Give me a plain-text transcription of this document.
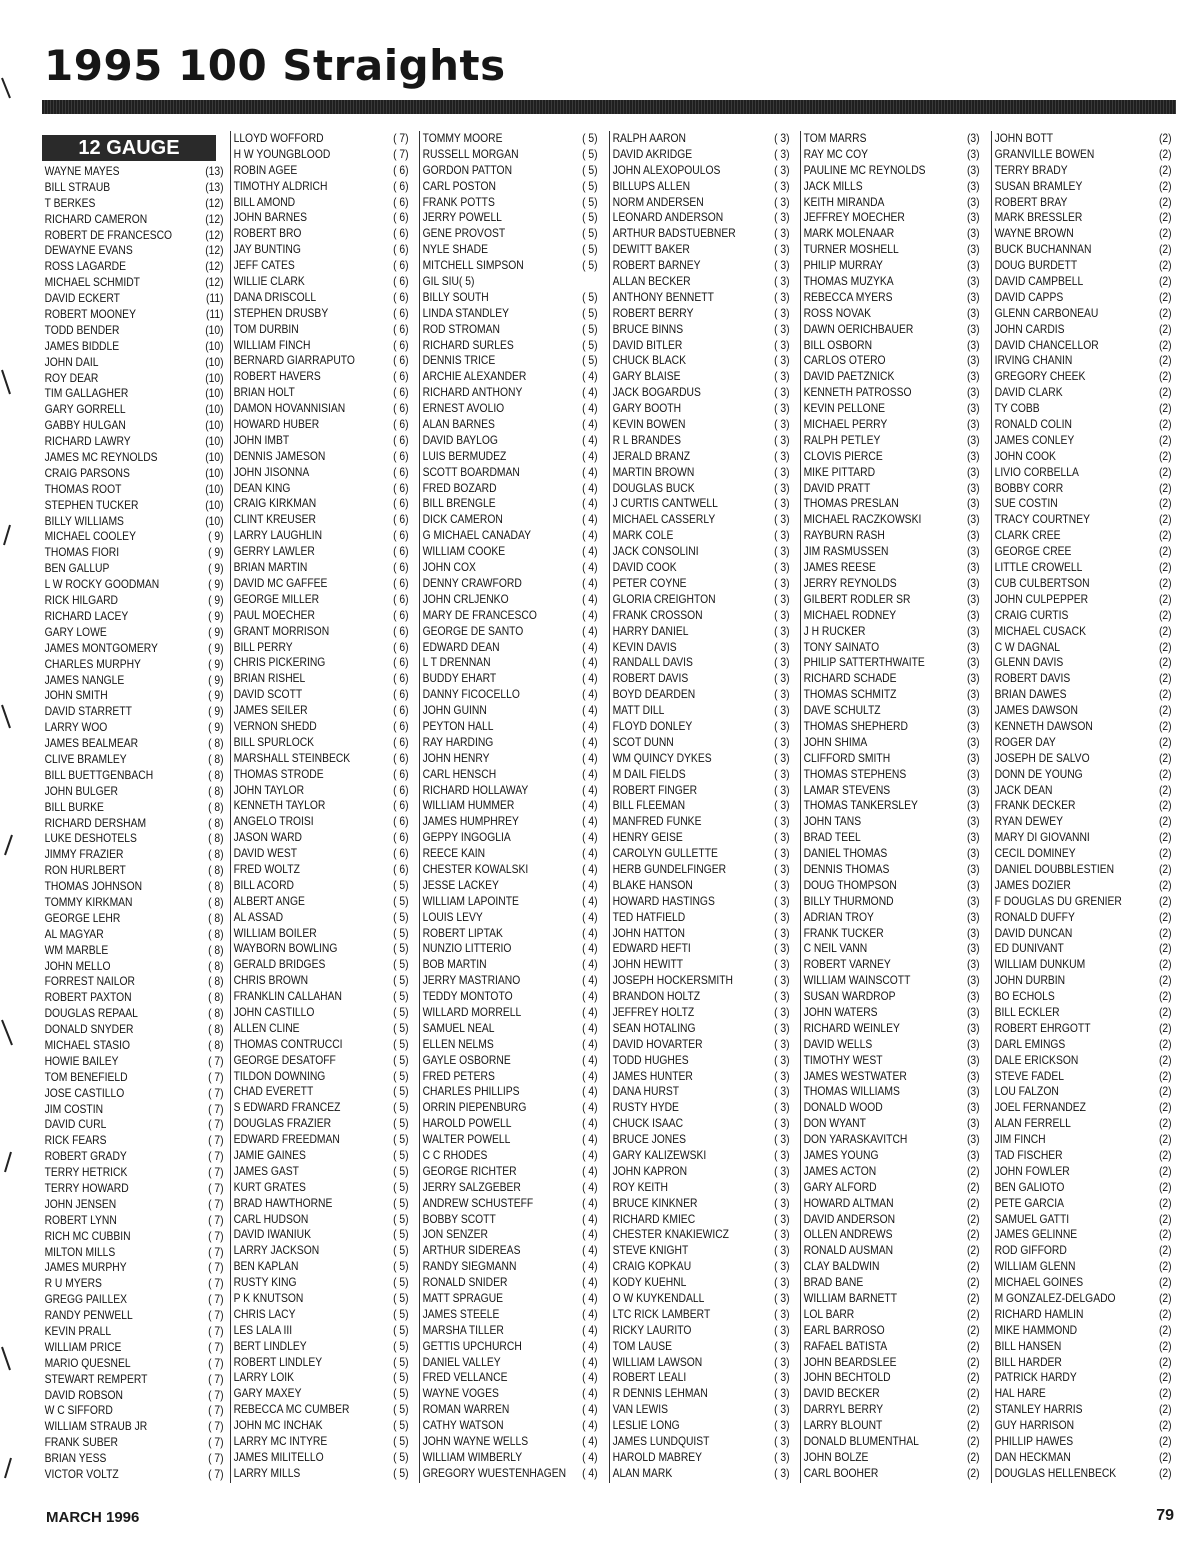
1995 100 Straights
12 GAUGE
WAYNE MAYES	(13)
BILL STRAUB	(13)
T BERKES	(12)
RICHARD CAMERON	(12)
ROBERT DE FRANCESCO	(12)
DEWAYNE EVANS	(12)
ROSS LAGARDE	(12)
MICHAEL SCHMIDT	(12)
DAVID ECKERT	(11)
ROBERT MOONEY	(11)
TODD BENDER	(10)
JAMES BIDDLE	(10)
JOHN DAIL	(10)
ROY DEAR	(10)
TIM GALLAGHER	(10)
GARY GORRELL	(10)
GABBY HULGAN	(10)
RICHARD LAWRY	(10)
JAMES MC REYNOLDS	(10)
CRAIG PARSONS	(10)
THOMAS ROOT	(10)
STEPHEN TUCKER	(10)
BILLY WILLIAMS	(10)
MICHAEL COOLEY	( 9)
THOMAS FIORI	( 9)
BEN GALLUP	( 9)
L W ROCKY GOODMAN	( 9)
RICK HILGARD	( 9)
RICHARD LACEY	( 9)
GARY LOWE	( 9)
JAMES MONTGOMERY	( 9)
CHARLES MURPHY	( 9)
JAMES NANGLE	( 9)
JOHN SMITH	( 9)
DAVID STARRETT	( 9)
LARRY WOO	( 9)
JAMES BEALMEAR	( 8)
CLIVE BRAMLEY	( 8)
BILL BUETTGENBACH	( 8)
JOHN BULGER	( 8)
BILL BURKE	( 8)
RICHARD DERSHAM	( 8)
LUKE DESHOTELS	( 8)
JIMMY FRAZIER	( 8)
RON HURLBERT	( 8)
THOMAS JOHNSON	( 8)
TOMMY KIRKMAN	( 8)
GEORGE LEHR	( 8)
AL MAGYAR	( 8)
WM MARBLE	( 8)
JOHN MELLO	( 8)
FORREST NAILOR	( 8)
ROBERT PAXTON	( 8)
DOUGLAS REPAAL	( 8)
DONALD SNYDER	( 8)
MICHAEL STASIO	( 8)
HOWIE BAILEY	( 7)
TOM BENEFIELD	( 7)
JOSE CASTILLO	( 7)
JIM COSTIN	( 7)
DAVID CURL	( 7)
RICK FEARS	( 7)
ROBERT GRADY	( 7)
TERRY HETRICK	( 7)
TERRY HOWARD	( 7)
JOHN JENSEN	( 7)
ROBERT LYNN	( 7)
RICH MC CUBBIN	( 7)
MILTON MILLS	( 7)
JAMES MURPHY	( 7)
R U MYERS	( 7)
GREGG PAILLEX	( 7)
RANDY PENWELL	( 7)
KEVIN PRALL	( 7)
WILLIAM PRICE	( 7)
MARIO QUESNEL	( 7)
STEWART REMPERT	( 7)
DAVID ROBSON	( 7)
W C SIFFORD	( 7)
WILLIAM STRAUB JR	( 7)
FRANK SUBER	( 7)
BRIAN YESS	( 7)
VICTOR VOLTZ	( 7)
LLOYD WOFFORD	( 7)
H W YOUNGBLOOD	( 7)
ROBIN AGEE	( 6)
TIMOTHY ALDRICH	( 6)
BILL AMOND	( 6)
JOHN BARNES	( 6)
ROBERT BRO	( 6)
JAY BUNTING	( 6)
JEFF CATES	( 6)
WILLIE CLARK	( 6)
DANA DRISCOLL	( 6)
STEPHEN DRUSBY	( 6)
TOM DURBIN	( 6)
WILLIAM FINCH	( 6)
BERNARD GIARRAPUTO	( 6)
ROBERT HAVERS	( 6)
BRIAN HOLT	( 6)
DAMON HOVANNISIAN	( 6)
HOWARD HUBER	( 6)
JOHN IMBT	( 6)
DENNIS JAMESON	( 6)
JOHN JISONNA	( 6)
DEAN KING	( 6)
CRAIG KIRKMAN	( 6)
CLINT KREUSER	( 6)
LARRY LAUGHLIN	( 6)
GERRY LAWLER	( 6)
BRIAN MARTIN	( 6)
DAVID MC GAFFEE	( 6)
GEORGE MILLER	( 6)
PAUL MOECHER	( 6)
GRANT MORRISON	( 6)
BILL PERRY	( 6)
CHRIS PICKERING	( 6)
BRIAN RISHEL	( 6)
DAVID SCOTT	( 6)
JAMES SEILER	( 6)
VERNON SHEDD	( 6)
BILL SPURLOCK	( 6)
MARSHALL STEINBECK	( 6)
THOMAS STRODE	( 6)
JOHN TAYLOR	( 6)
KENNETH TAYLOR	( 6)
ANGELO TROISI	( 6)
JASON WARD	( 6)
DAVID WEST	( 6)
FRED WOLTZ	( 6)
BILL ACORD	( 5)
ALBERT ANGE	( 5)
AL ASSAD	( 5)
WILLIAM BOILER	( 5)
WAYBORN BOWLING	( 5)
GERALD BRIDGES	( 5)
CHRIS BROWN	( 5)
FRANKLIN CALLAHAN	( 5)
JOHN CASTILLO	( 5)
ALLEN CLINE	( 5)
THOMAS CONTRUCCI	( 5)
GEORGE DESATOFF	( 5)
TILDON DOWNING	( 5)
CHAD EVERETT	( 5)
S EDWARD FRANCEZ	( 5)
DOUGLAS FRAZIER	( 5)
EDWARD FREEDMAN	( 5)
JAMIE GAINES	( 5)
JAMES GAST	( 5)
KURT GRATES	( 5)
BRAD HAWTHORNE	( 5)
CARL HUDSON	( 5)
DAVID IWANIUK	( 5)
LARRY JACKSON	( 5)
BEN KAPLAN	( 5)
RUSTY KING	( 5)
P K KNUTSON	( 5)
CHRIS LACY	( 5)
LES LALA III	( 5)
BERT LINDLEY	( 5)
ROBERT LINDLEY	( 5)
LARRY LOIK	( 5)
GARY MAXEY	( 5)
REBECCA MC CUMBER	( 5)
JOHN MC INCHAK	( 5)
LARRY MC INTYRE	( 5)
JAMES MILITELLO	( 5)
LARRY MILLS	( 5)
TOMMY MOORE	( 5)
RUSSELL MORGAN	( 5)
GORDON PATTON	( 5)
CARL POSTON	( 5)
FRANK POTTS	( 5)
JERRY POWELL	( 5)
GENE PROVOST	( 5)
NYLE SHADE	( 5)
MITCHELL SIMPSON	( 5)
GIL SIU( 5)
BILLY SOUTH	( 5)
LINDA STANDLEY	( 5)
ROD STROMAN	( 5)
RICHARD SURLES	( 5)
DENNIS TRICE	( 5)
ARCHIE ALEXANDER	( 4)
RICHARD ANTHONY	( 4)
ERNEST AVOLIO	( 4)
ALAN BARNES	( 4)
DAVID BAYLOG	( 4)
LUIS BERMUDEZ	( 4)
SCOTT BOARDMAN	( 4)
FRED BOZARD	( 4)
BILL BRENGLE	( 4)
DICK CAMERON	( 4)
G MICHAEL CANADAY	( 4)
WILLIAM COOKE	( 4)
JOHN COX	( 4)
DENNY CRAWFORD	( 4)
JOHN CRLJENKO	( 4)
MARY DE FRANCESCO	( 4)
GEORGE DE SANTO	( 4)
EDWARD DEAN	( 4)
L T DRENNAN	( 4)
BUDDY EHART	( 4)
DANNY FICOCELLO	( 4)
JOHN GUINN	( 4)
PEYTON HALL	( 4)
RAY HARDING	( 4)
JOHN HENRY	( 4)
CARL HENSCH	( 4)
RICHARD HOLLAWAY	( 4)
WILLIAM HUMMER	( 4)
JAMES HUMPHREY	( 4)
GEPPY INGOGLIA	( 4)
REECE KAIN	( 4)
CHESTER KOWALSKI	( 4)
JESSE LACKEY	( 4)
WILLIAM LAPOINTE	( 4)
LOUIS LEVY	( 4)
ROBERT LIPTAK	( 4)
NUNZIO LITTERIO	( 4)
BOB MARTIN	( 4)
JERRY MASTRIANO	( 4)
TEDDY MONTOTO	( 4)
WILLARD MORRELL	( 4)
SAMUEL NEAL	( 4)
ELLEN NELMS	( 4)
GAYLE OSBORNE	( 4)
FRED PETERS	( 4)
CHARLES PHILLIPS	( 4)
ORRIN PIEPENBURG	( 4)
HAROLD POWELL	( 4)
WALTER POWELL	( 4)
C C RHODES	( 4)
GEORGE RICHTER	( 4)
JERRY SALZGEBER	( 4)
ANDREW SCHUSTEFF	( 4)
BOBBY SCOTT	( 4)
JON SENZER	( 4)
ARTHUR SIDEREAS	( 4)
RANDY SIEGMANN	( 4)
RONALD SNIDER	( 4)
MATT SPRAGUE	( 4)
JAMES STEELE	( 4)
MARSHA TILLER	( 4)
GETTIS UPCHURCH	( 4)
DANIEL VALLEY	( 4)
FRED VELLANCE	( 4)
WAYNE VOGES	( 4)
ROMAN WARREN	( 4)
CATHY WATSON	( 4)
JOHN WAYNE WELLS	( 4)
WILLIAM WIMBERLY	( 4)
GREGORY WUESTENHAGEN	( 4)
RALPH AARON	( 3)
DAVID AKRIDGE	( 3)
JOHN ALEXOPOULOS	( 3)
BILLUPS ALLEN	( 3)
NORM ANDERSEN	( 3)
LEONARD ANDERSON	( 3)
ARTHUR BADSTUEBNER	( 3)
DEWITT BAKER	( 3)
ROBERT BARNEY	( 3)
ALLAN BECKER	( 3)
ANTHONY BENNETT	( 3)
ROBERT BERRY	( 3)
BRUCE BINNS	( 3)
DAVID BITLER	( 3)
CHUCK BLACK	( 3)
GARY BLAISE	( 3)
JACK BOGARDUS	( 3)
GARY BOOTH	( 3)
KEVIN BOWEN	( 3)
R L BRANDES	( 3)
JERALD BRANZ	( 3)
MARTIN BROWN	( 3)
DOUGLAS BUCK	( 3)
J CURTIS CANTWELL	( 3)
MICHAEL CASSERLY	( 3)
MARK COLE	( 3)
JACK CONSOLINI	( 3)
DAVID COOK	( 3)
PETER COYNE	( 3)
GLORIA CREIGHTON	( 3)
FRANK CROSSON	( 3)
HARRY DANIEL	( 3)
KEVIN DAVIS	( 3)
RANDALL DAVIS	( 3)
ROBERT DAVIS	( 3)
BOYD DEARDEN	( 3)
MATT DILL	( 3)
FLOYD DONLEY	( 3)
SCOT DUNN	( 3)
WM QUINCY DYKES	( 3)
M DAIL FIELDS	( 3)
ROBERT FINGER	( 3)
BILL FLEEMAN	( 3)
MANFRED FUNKE	( 3)
HENRY GEISE	( 3)
CAROLYN GULLETTE	( 3)
HERB GUNDELFINGER	( 3)
BLAKE HANSON	( 3)
HOWARD HASTINGS	( 3)
TED HATFIELD	( 3)
JOHN HATTON	( 3)
EDWARD HEFTI	( 3)
JOHN HEWITT	( 3)
JOSEPH HOCKERSMITH	( 3)
BRANDON HOLTZ	( 3)
JEFFREY HOLTZ	( 3)
SEAN HOTALING	( 3)
DAVID HOVARTER	( 3)
TODD HUGHES	( 3)
JAMES HUNTER	( 3)
DANA HURST	( 3)
RUSTY HYDE	( 3)
CHUCK ISAAC	( 3)
BRUCE JONES	( 3)
GARY KALIZEWSKI	( 3)
JOHN KAPRON	( 3)
ROY KEITH	( 3)
BRUCE KINKNER	( 3)
RICHARD KMIEC	( 3)
CHESTER KNAKIEWICZ	( 3)
STEVE KNIGHT	( 3)
CRAIG KOPKAU	( 3)
KODY KUEHNL	( 3)
O W KUYKENDALL	( 3)
LTC RICK LAMBERT	( 3)
RICKY LAURITO	( 3)
TOM LAUSE	( 3)
WILLIAM LAWSON	( 3)
ROBERT LEALI	( 3)
R DENNIS LEHMAN	( 3)
VAN LEWIS	( 3)
LESLIE LONG	( 3)
JAMES LUNDQUIST	( 3)
HAROLD MABREY	( 3)
ALAN MARK	( 3)
TOM MARRS	(3)
RAY MC COY	(3)
PAULINE MC REYNOLDS	(3)
JACK MILLS	(3)
KEITH MIRANDA	(3)
JEFFREY MOECHER	(3)
MARK MOLENAAR	(3)
TURNER MOSHELL	(3)
PHILIP MURRAY	(3)
THOMAS MUZYKA	(3)
REBECCA MYERS	(3)
ROSS NOVAK	(3)
DAWN OERICHBAUER	(3)
BILL OSBORN	(3)
CARLOS OTERO	(3)
DAVID PAETZNICK	(3)
KENNETH PATROSSO	(3)
KEVIN PELLONE	(3)
MICHAEL PERRY	(3)
RALPH PETLEY	(3)
CLOVIS PIERCE	(3)
MIKE PITTARD	(3)
DAVID PRATT	(3)
THOMAS PRESLAN	(3)
MICHAEL RACZKOWSKI	(3)
RAYBURN RASH	(3)
JIM RASMUSSEN	(3)
JAMES REESE	(3)
JERRY REYNOLDS	(3)
GILBERT RODLER SR	(3)
MICHAEL RODNEY	(3)
J H RUCKER	(3)
TONY SAINATO	(3)
PHILIP SATTERTHWAITE	(3)
RICHARD SCHADE	(3)
THOMAS SCHMITZ	(3)
DAVE SCHULTZ	(3)
THOMAS SHEPHERD	(3)
JOHN SHIMA	(3)
CLIFFORD SMITH	(3)
THOMAS STEPHENS	(3)
LAMAR STEVENS	(3)
THOMAS TANKERSLEY	(3)
JOHN TANS	(3)
BRAD TEEL	(3)
DANIEL THOMAS	(3)
DENNIS THOMAS	(3)
DOUG THOMPSON	(3)
BILLY THURMOND	(3)
ADRIAN TROY	(3)
FRANK TUCKER	(3)
C NEIL VANN	(3)
ROBERT VARNEY	(3)
WILLIAM WAINSCOTT	(3)
SUSAN WARDROP	(3)
JOHN WATERS	(3)
RICHARD WEINLEY	(3)
DAVID WELLS	(3)
TIMOTHY WEST	(3)
JAMES WESTWATER	(3)
THOMAS WILLIAMS	(3)
DONALD WOOD	(3)
DON WYANT	(3)
DON YARASKAVITCH	(3)
JAMES YOUNG	(3)
JAMES ACTON	(2)
GARY ALFORD	(2)
HOWARD ALTMAN	(2)
DAVID ANDERSON	(2)
OLLEN ANDREWS	(2)
RONALD AUSMAN	(2)
CLAY BALDWIN	(2)
BRAD BANE	(2)
WILLIAM BARNETT	(2)
LOL BARR	(2)
EARL BARROSO	(2)
RAFAEL BATISTA	(2)
JOHN BEARDSLEE	(2)
JOHN BECHTOLD	(2)
DAVID BECKER	(2)
DARRYL BERRY	(2)
LARRY BLOUNT	(2)
DONALD BLUMENTHAL	(2)
JOHN BOLZE	(2)
CARL BOOHER	(2)
JOHN BOTT	(2)
GRANVILLE BOWEN	(2)
TERRY BRADY	(2)
SUSAN BRAMLEY	(2)
ROBERT BRAY	(2)
MARK BRESSLER	(2)
WAYNE BROWN	(2)
BUCK BUCHANNAN	(2)
DOUG BURDETT	(2)
DAVID CAMPBELL	(2)
DAVID CAPPS	(2)
GLENN CARBONEAU	(2)
JOHN CARDIS	(2)
DAVID CHANCELLOR	(2)
IRVING CHANIN	(2)
GREGORY CHEEK	(2)
DAVID CLARK	(2)
TY COBB	(2)
RONALD COLIN	(2)
JAMES CONLEY	(2)
JOHN COOK	(2)
LIVIO CORBELLA	(2)
BOBBY CORR	(2)
SUE COSTIN	(2)
TRACY COURTNEY	(2)
CLARK CREE	(2)
GEORGE CREE	(2)
LITTLE CROWELL	(2)
CUB CULBERTSON	(2)
JOHN CULPEPPER	(2)
CRAIG CURTIS	(2)
MICHAEL CUSACK	(2)
C W DAGNAL	(2)
GLENN DAVIS	(2)
ROBERT DAVIS	(2)
BRIAN DAWES	(2)
JAMES DAWSON	(2)
KENNETH DAWSON	(2)
ROGER DAY	(2)
JOSEPH DE SALVO	(2)
DONN DE YOUNG	(2)
JACK DEAN	(2)
FRANK DECKER	(2)
RYAN DEWEY	(2)
MARY DI GIOVANNI	(2)
CECIL DOMINEY	(2)
DANIEL DOUBBLESTIEN	(2)
JAMES DOZIER	(2)
F DOUGLAS DU GRENIER	(2)
RONALD DUFFY	(2)
DAVID DUNCAN	(2)
ED DUNIVANT	(2)
WILLIAM DUNKUM	(2)
JOHN DURBIN	(2)
BO ECHOLS	(2)
BILL ECKLER	(2)
ROBERT EHRGOTT	(2)
DARL EMINGS	(2)
DALE ERICKSON	(2)
STEVE FADEL	(2)
LOU FALZON	(2)
JOEL FERNANDEZ	(2)
ALAN FERRELL	(2)
JIM FINCH	(2)
TAD FISCHER	(2)
JOHN FOWLER	(2)
BEN GALIOTO	(2)
PETE GARCIA	(2)
SAMUEL GATTI	(2)
JAMES GELINNE	(2)
ROD GIFFORD	(2)
WILLIAM GLENN	(2)
MICHAEL GOINES	(2)
M GONZALEZ-DELGADO	(2)
RICHARD HAMLIN	(2)
MIKE HAMMOND	(2)
BILL HANSEN	(2)
BILL HARDER	(2)
PATRICK HARDY	(2)
HAL HARE	(2)
STANLEY HARRIS	(2)
GUY HARRISON	(2)
PHILLIP HAWES	(2)
DAN HECKMAN	(2)
DOUGLAS HELLENBECK	(2)
MARCH 1996	79
